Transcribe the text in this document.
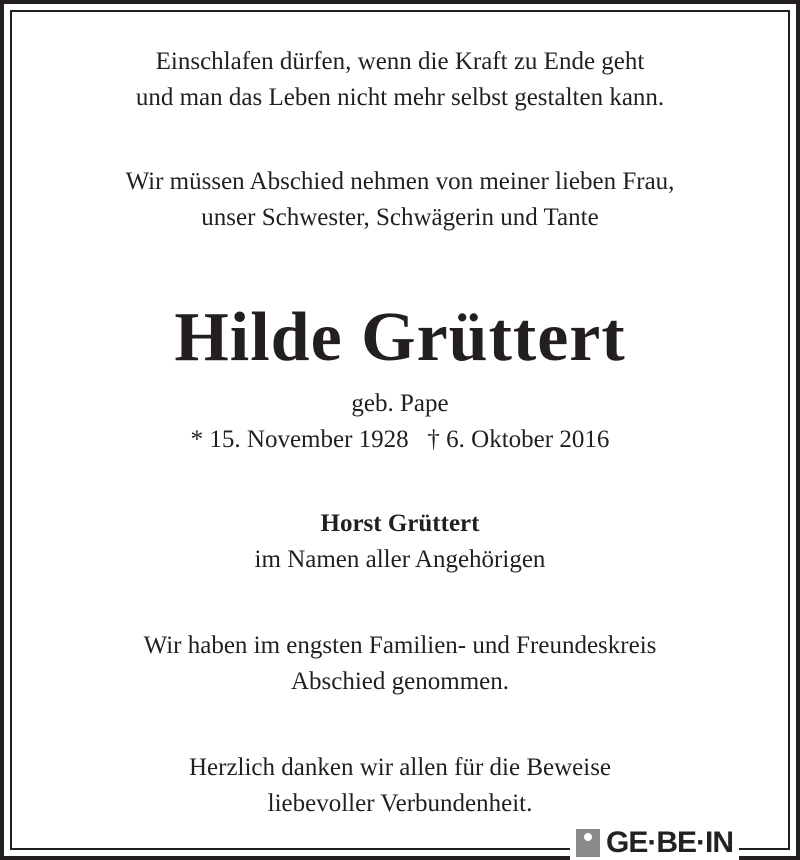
Einschlafen dürfen, wenn die Kraft zu Ende geht
und man das Leben nicht mehr selbst gestalten kann.
Wir müssen Abschied nehmen von meiner lieben Frau,
unser Schwester, Schwägerin und Tante
Hilde Grüttert
geb. Pape
* 15. November 1928   † 6. Oktober 2016
Horst Grüttert
im Namen aller Angehörigen
Wir haben im engsten Familien- und Freundeskreis
Abschied genommen.
Herzlich danken wir allen für die Beweise
liebevoller Verbundenheit.
GE·BE·IN
